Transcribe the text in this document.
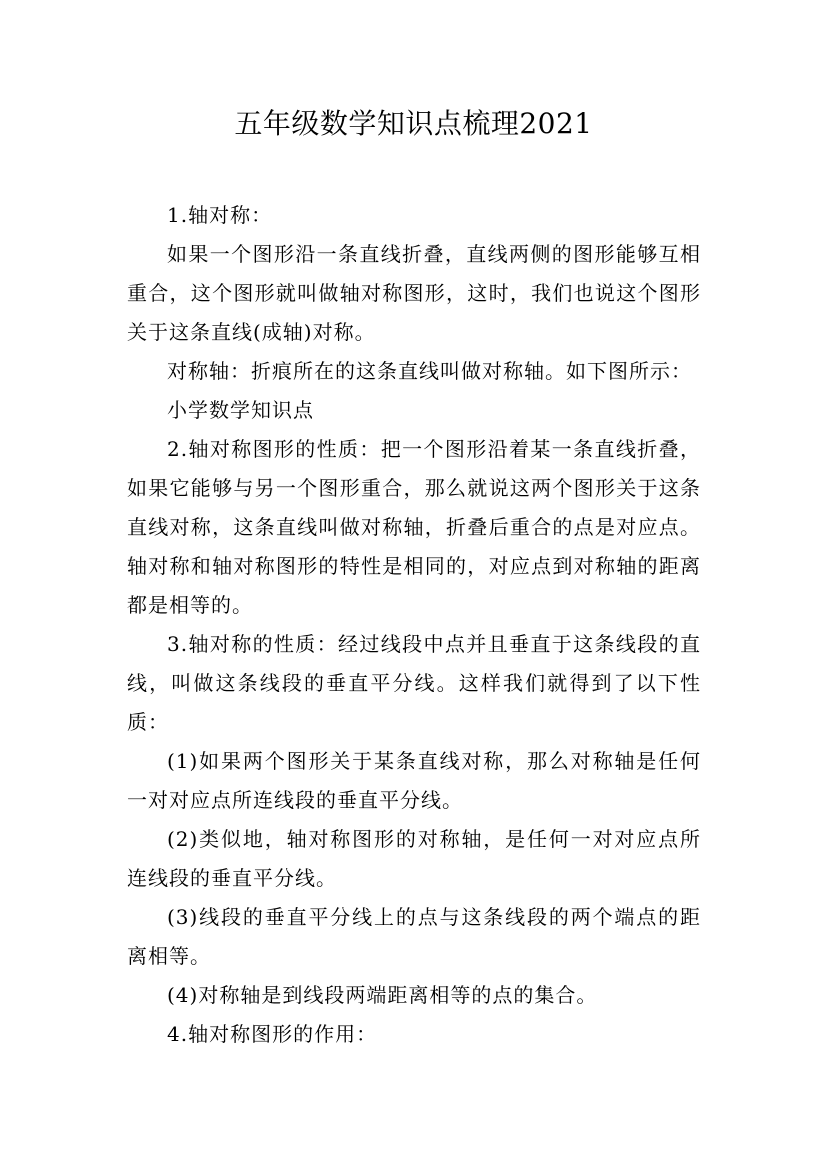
五年级数学知识点梳理2021

1.轴对称：

如果一个图形沿一条直线折叠，直线两侧的图形能够互相重合，这个图形就叫做轴对称图形，这时，我们也说这个图形关于这条直线(成轴)对称。

对称轴：折痕所在的这条直线叫做对称轴。如下图所示：

小学数学知识点

2.轴对称图形的性质：把一个图形沿着某一条直线折叠，如果它能够与另一个图形重合，那么就说这两个图形关于这条直线对称，这条直线叫做对称轴，折叠后重合的点是对应点。轴对称和轴对称图形的特性是相同的，对应点到对称轴的距离都是相等的。

3.轴对称的性质：经过线段中点并且垂直于这条线段的直线，叫做这条线段的垂直平分线。这样我们就得到了以下性质：

(1)如果两个图形关于某条直线对称，那么对称轴是任何一对对应点所连线段的垂直平分线。

(2)类似地，轴对称图形的对称轴，是任何一对对应点所连线段的垂直平分线。

(3)线段的垂直平分线上的点与这条线段的两个端点的距离相等。

(4)对称轴是到线段两端距离相等的点的集合。

4.轴对称图形的作用：
